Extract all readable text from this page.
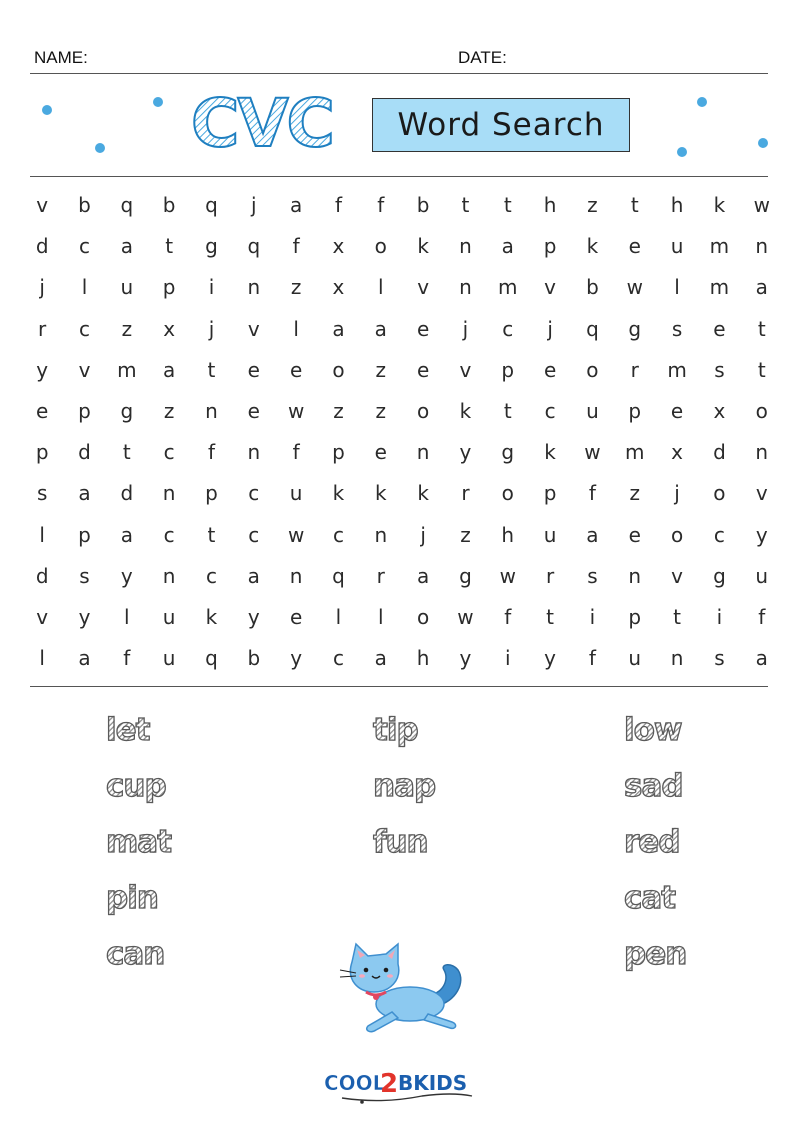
NAME:	DATE:
CVC Word Search
v	b	q	b	q	j	a	f	f	b	t	t	h	z	t	h	k	w
d	c	a	t	g	q	f	x	o	k	n	a	p	k	e	u	m	n
j	l	u	p	i	n	z	x	l	v	n	m	v	b	w	l	m	a
r	c	z	x	j	v	l	a	a	e	j	c	j	q	g	s	e	t
y	v	m	a	t	e	e	o	z	e	v	p	e	o	r	m	s	t
e	p	g	z	n	e	w	z	z	o	k	t	c	u	p	e	x	o
p	d	t	c	f	n	f	p	e	n	y	g	k	w	m	x	d	n
s	a	d	n	p	c	u	k	k	k	r	o	p	f	z	j	o	v
l	p	a	c	t	c	w	c	n	j	z	h	u	a	e	o	c	y
d	s	y	n	c	a	n	q	r	a	g	w	r	s	n	v	g	u
v	y	l	u	k	y	e	l	l	o	w	f	t	i	p	t	i	f
l	a	f	u	q	b	y	c	a	h	y	i	y	f	u	n	s	a
let
cup
mat
pin
can
tip
nap
fun
low
sad
red
cat
pen
COOL
2 BKIDS
